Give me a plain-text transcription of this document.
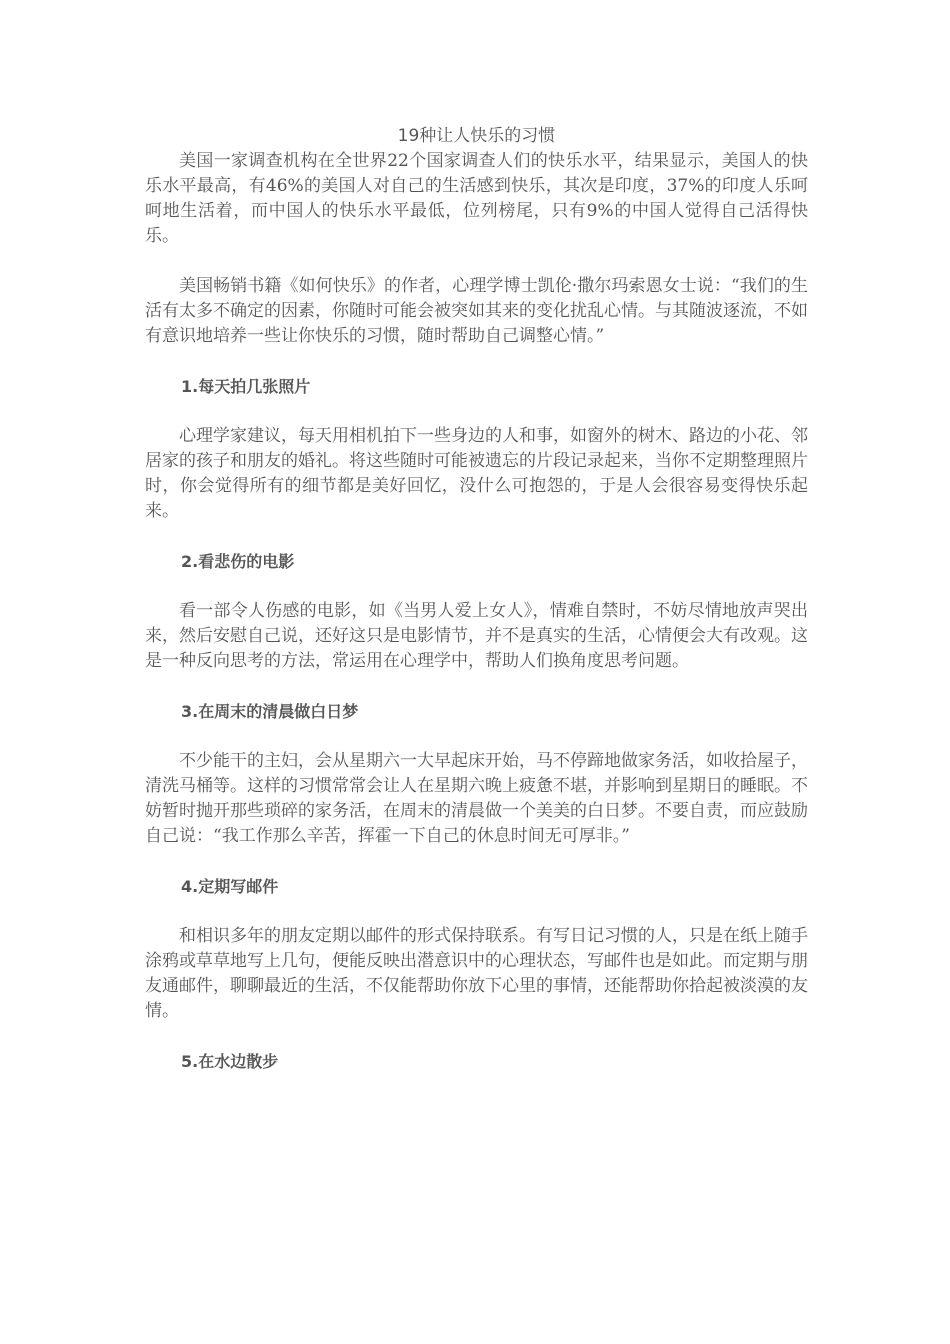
19种让人快乐的习惯

美国一家调查机构在全世界22个国家调查人们的快乐水平，结果显示，美国人的快乐水平最高，有46%的美国人对自己的生活感到快乐，其次是印度，37%的印度人乐呵呵地生活着，而中国人的快乐水平最低，位列榜尾，只有9%的中国人觉得自己活得快乐。

美国畅销书籍《如何快乐》的作者，心理学博士凯伦·撒尔玛索恩女士说：“我们的生活有太多不确定的因素，你随时可能会被突如其来的变化扰乱心情。与其随波逐流，不如有意识地培养一些让你快乐的习惯，随时帮助自己调整心情。”

1.每天拍几张照片

心理学家建议，每天用相机拍下一些身边的人和事，如窗外的树木、路边的小花、邻居家的孩子和朋友的婚礼。将这些随时可能被遗忘的片段记录起来，当你不定期整理照片时，你会觉得所有的细节都是美好回忆，没什么可抱怨的，于是人会很容易变得快乐起来。

2.看悲伤的电影

看一部令人伤感的电影，如《当男人爱上女人》，情难自禁时，不妨尽情地放声哭出来，然后安慰自己说，还好这只是电影情节，并不是真实的生活，心情便会大有改观。这是一种反向思考的方法，常运用在心理学中，帮助人们换角度思考问题。

3.在周末的清晨做白日梦

不少能干的主妇，会从星期六一大早起床开始，马不停蹄地做家务活，如收拾屋子，清洗马桶等。这样的习惯常常会让人在星期六晚上疲惫不堪，并影响到星期日的睡眠。不妨暂时抛开那些琐碎的家务活，在周末的清晨做一个美美的白日梦。不要自责，而应鼓励自己说：“我工作那么辛苦，挥霍一下自己的休息时间无可厚非。”

4.定期写邮件

和相识多年的朋友定期以邮件的形式保持联系。有写日记习惯的人，只是在纸上随手涂鸦或草草地写上几句，便能反映出潜意识中的心理状态，写邮件也是如此。而定期与朋友通邮件，聊聊最近的生活，不仅能帮助你放下心里的事情，还能帮助你拾起被淡漠的友情。

5.在水边散步
